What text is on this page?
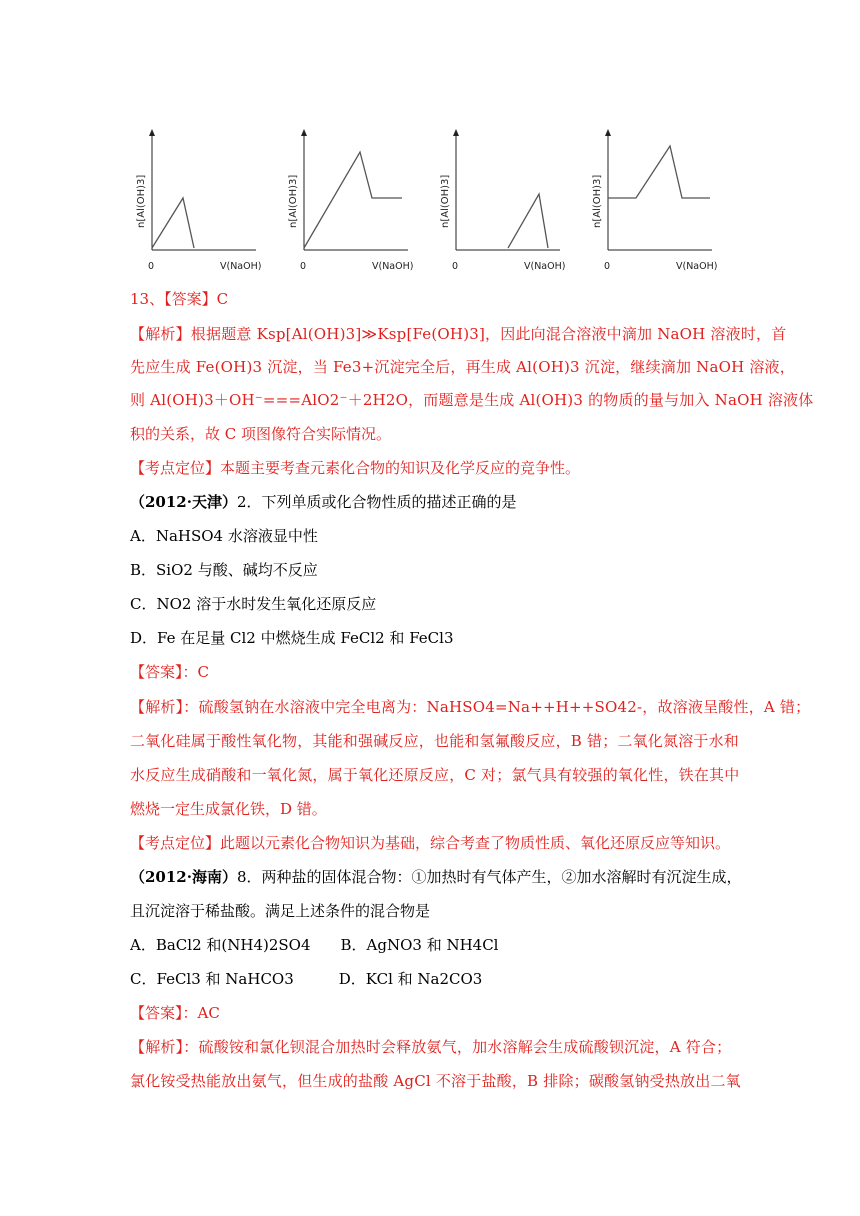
n[Al(OH)3]
0	V(NaOH)
n[Al(OH)3]
0	V(NaOH)
n[Al(OH)3]
0	V(NaOH)
n[Al(OH)3]
0	V(NaOH)
13、【答案】C
【解析】根据题意 Ksp[Al(OH)3]≫Ksp[Fe(OH)3]，因此向混合溶液中滴加 NaOH 溶液时，首
先应生成 Fe(OH)3 沉淀，当 Fe3+沉淀完全后，再生成 Al(OH)3 沉淀，继续滴加 NaOH 溶液，
则 Al(OH)3＋OH⁻===AlO2⁻＋2H2O，而题意是生成 Al(OH)3 的物质的量与加入 NaOH 溶液体
积的关系，故 C 项图像符合实际情况。
【考点定位】本题主要考查元素化合物的知识及化学反应的竞争性。
（2012·天津）2．下列单质或化合物性质的描述正确的是
A．NaHSO4 水溶液显中性
B．SiO2 与酸、碱均不反应
C．NO2 溶于水时发生氧化还原反应
D．Fe 在足量 Cl2 中燃烧生成 FeCl2 和 FeCl3
【答案】：C
【解析】：硫酸氢钠在水溶液中完全电离为：NaHSO4=Na++H++SO42-，故溶液呈酸性，A 错；
二氧化硅属于酸性氧化物，其能和强碱反应，也能和氢氟酸反应，B 错；二氧化氮溶于水和
水反应生成硝酸和一氧化氮，属于氧化还原反应，C 对；氯气具有较强的氧化性，铁在其中
燃烧一定生成氯化铁，D 错。
【考点定位】此题以元素化合物知识为基础，综合考查了物质性质、氧化还原反应等知识。
（2012·海南）8．两种盐的固体混合物：①加热时有气体产生，②加水溶解时有沉淀生成，
且沉淀溶于稀盐酸。满足上述条件的混合物是
A．BaCl2 和(NH4)2SO4　　B．AgNO3 和 NH4Cl
C．FeCl3 和 NaHCO3　　　D．KCl 和 Na2CO3
【答案】：AC
【解析】：硫酸铵和氯化钡混合加热时会释放氨气，加水溶解会生成硫酸钡沉淀，A 符合；
氯化铵受热能放出氨气，但生成的盐酸 AgCl 不溶于盐酸，B 排除；碳酸氢钠受热放出二氧
